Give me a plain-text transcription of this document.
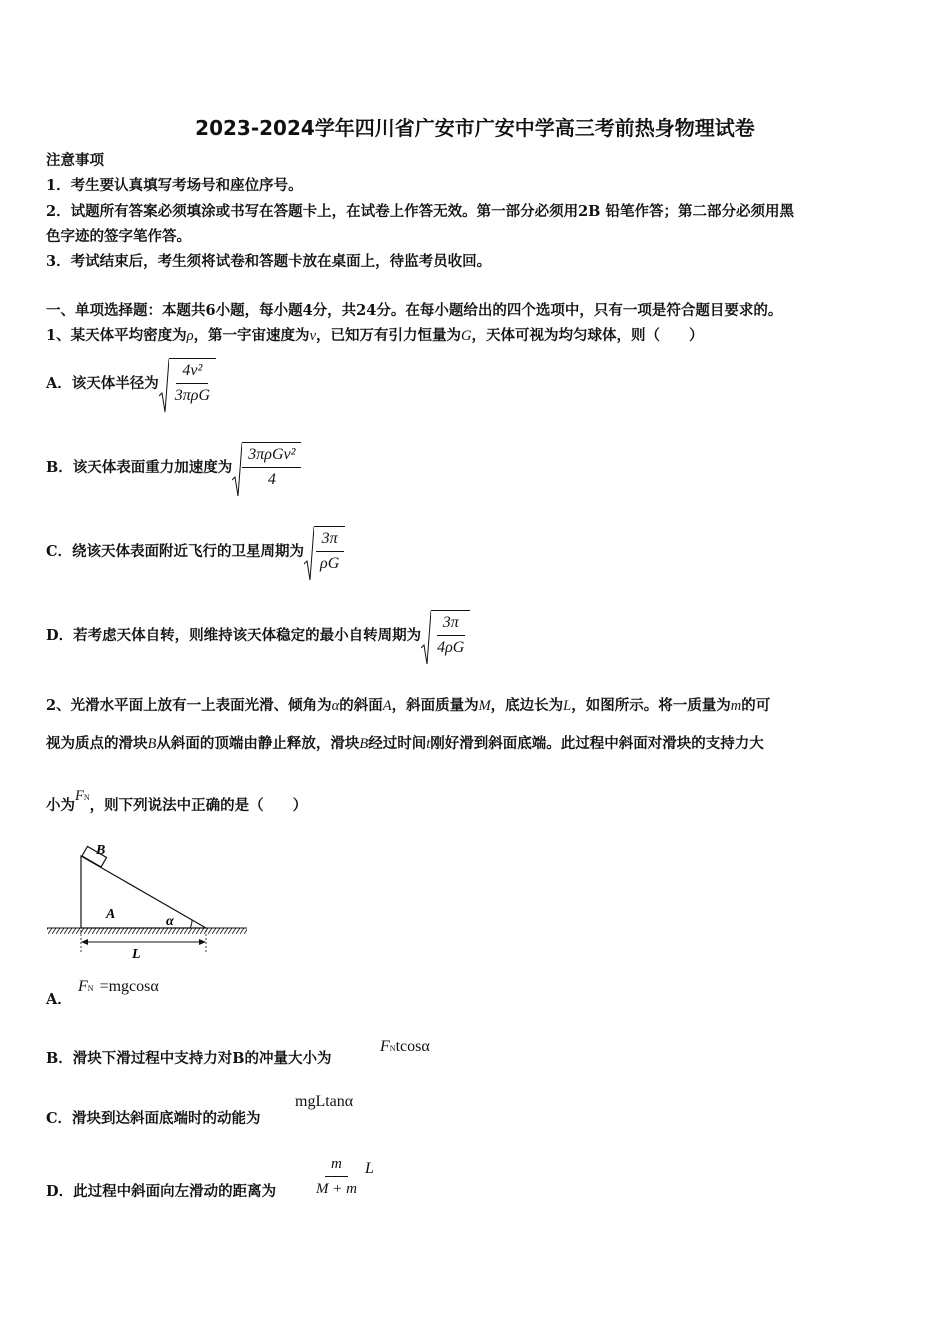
2023-2024学年四川省广安市广安中学高三考前热身物理试卷
注意事项
1．考生要认真填写考场号和座位序号。
2．试题所有答案必须填涂或书写在答题卡上，在试卷上作答无效。第一部分必须用2B 铅笔作答；第二部分必须用黑
色字迹的签字笔作答。
3．考试结束后，考生须将试卷和答题卡放在桌面上，待监考员收回。
一、单项选择题：本题共6小题，每小题4分，共24分。在每小题给出的四个选项中，只有一项是符合题目要求的。
1、某天体平均密度为ρ，第一宇宙速度为v，已知万有引力恒量为G，天体可视为均匀球体，则（　　）
A．该天体半径为 $\frac{\text{4v²}}{\text{3πρG}}$
B．该天体表面重力加速度为 $\frac{\text{3πρGv²}}{4}$
C．绕该天体表面附近飞行的卫星周期为 $\frac{3\pi}{\rho G}$
D．若考虑天体自转，则维持该天体稳定的最小自转周期为 $\frac{3\pi}{4\rho G}$
2、光滑水平面上放有一上表面光滑、倾角为α的斜面A，斜面质量为M，底边长为L，如图所示。将一质量为m的可
视为质点的滑块B从斜面的顶端由静止释放，滑块B经过时间t刚好滑到斜面底端。此过程中斜面对滑块的支持力大
小为FN，则下列说法中正确的是（　　）
B
A	α
L
A．
FN =mgcosα
B．滑块下滑过程中支持力对B的冲量大小为
FNtcosα
C．滑块到达斜面底端时的动能为
mgLtanα
D．此过程中斜面向左滑动的距离为 $\frac{m}{M + m}$ L
